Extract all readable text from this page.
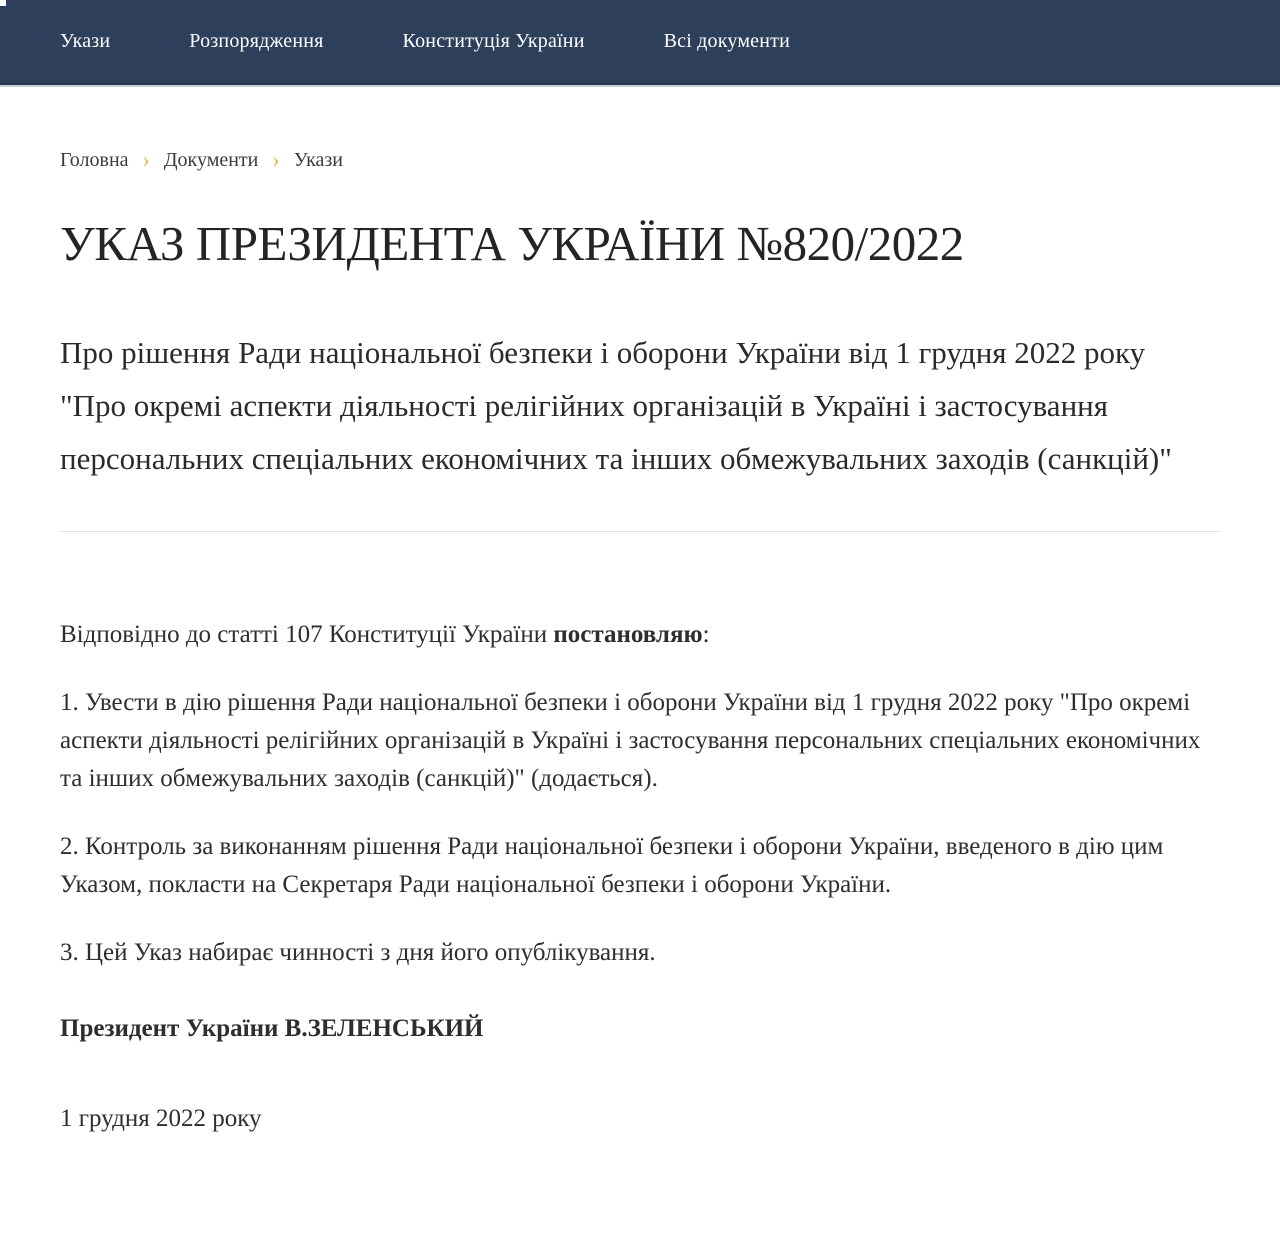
Укази	Розпорядження	Конституція України	Всі документи
Головна › Документи › Укази
УКАЗ ПРЕЗИДЕНТА УКРАЇНИ №820/2022
Про рішення Ради національної безпеки і оборони України від 1 грудня 2022 року "Про окремі аспекти діяльності релігійних організацій в Україні і застосування персональних спеціальних економічних та інших обмежувальних заходів (санкцій)"

Відповідно до статті 107 Конституції України постановляю:

1. Увести в дію рішення Ради національної безпеки і оборони України від 1 грудня 2022 року "Про окремі аспекти діяльності релігійних організацій в Україні і застосування персональних спеціальних економічних та інших обмежувальних заходів (санкцій)" (додається).

2. Контроль за виконанням рішення Ради національної безпеки і оборони України, введеного в дію цим Указом, покласти на Секретаря Ради національної безпеки і оборони України.

3. Цей Указ набирає чинності з дня його опублікування.

Президент України В.ЗЕЛЕНСЬКИЙ

1 грудня 2022 року
